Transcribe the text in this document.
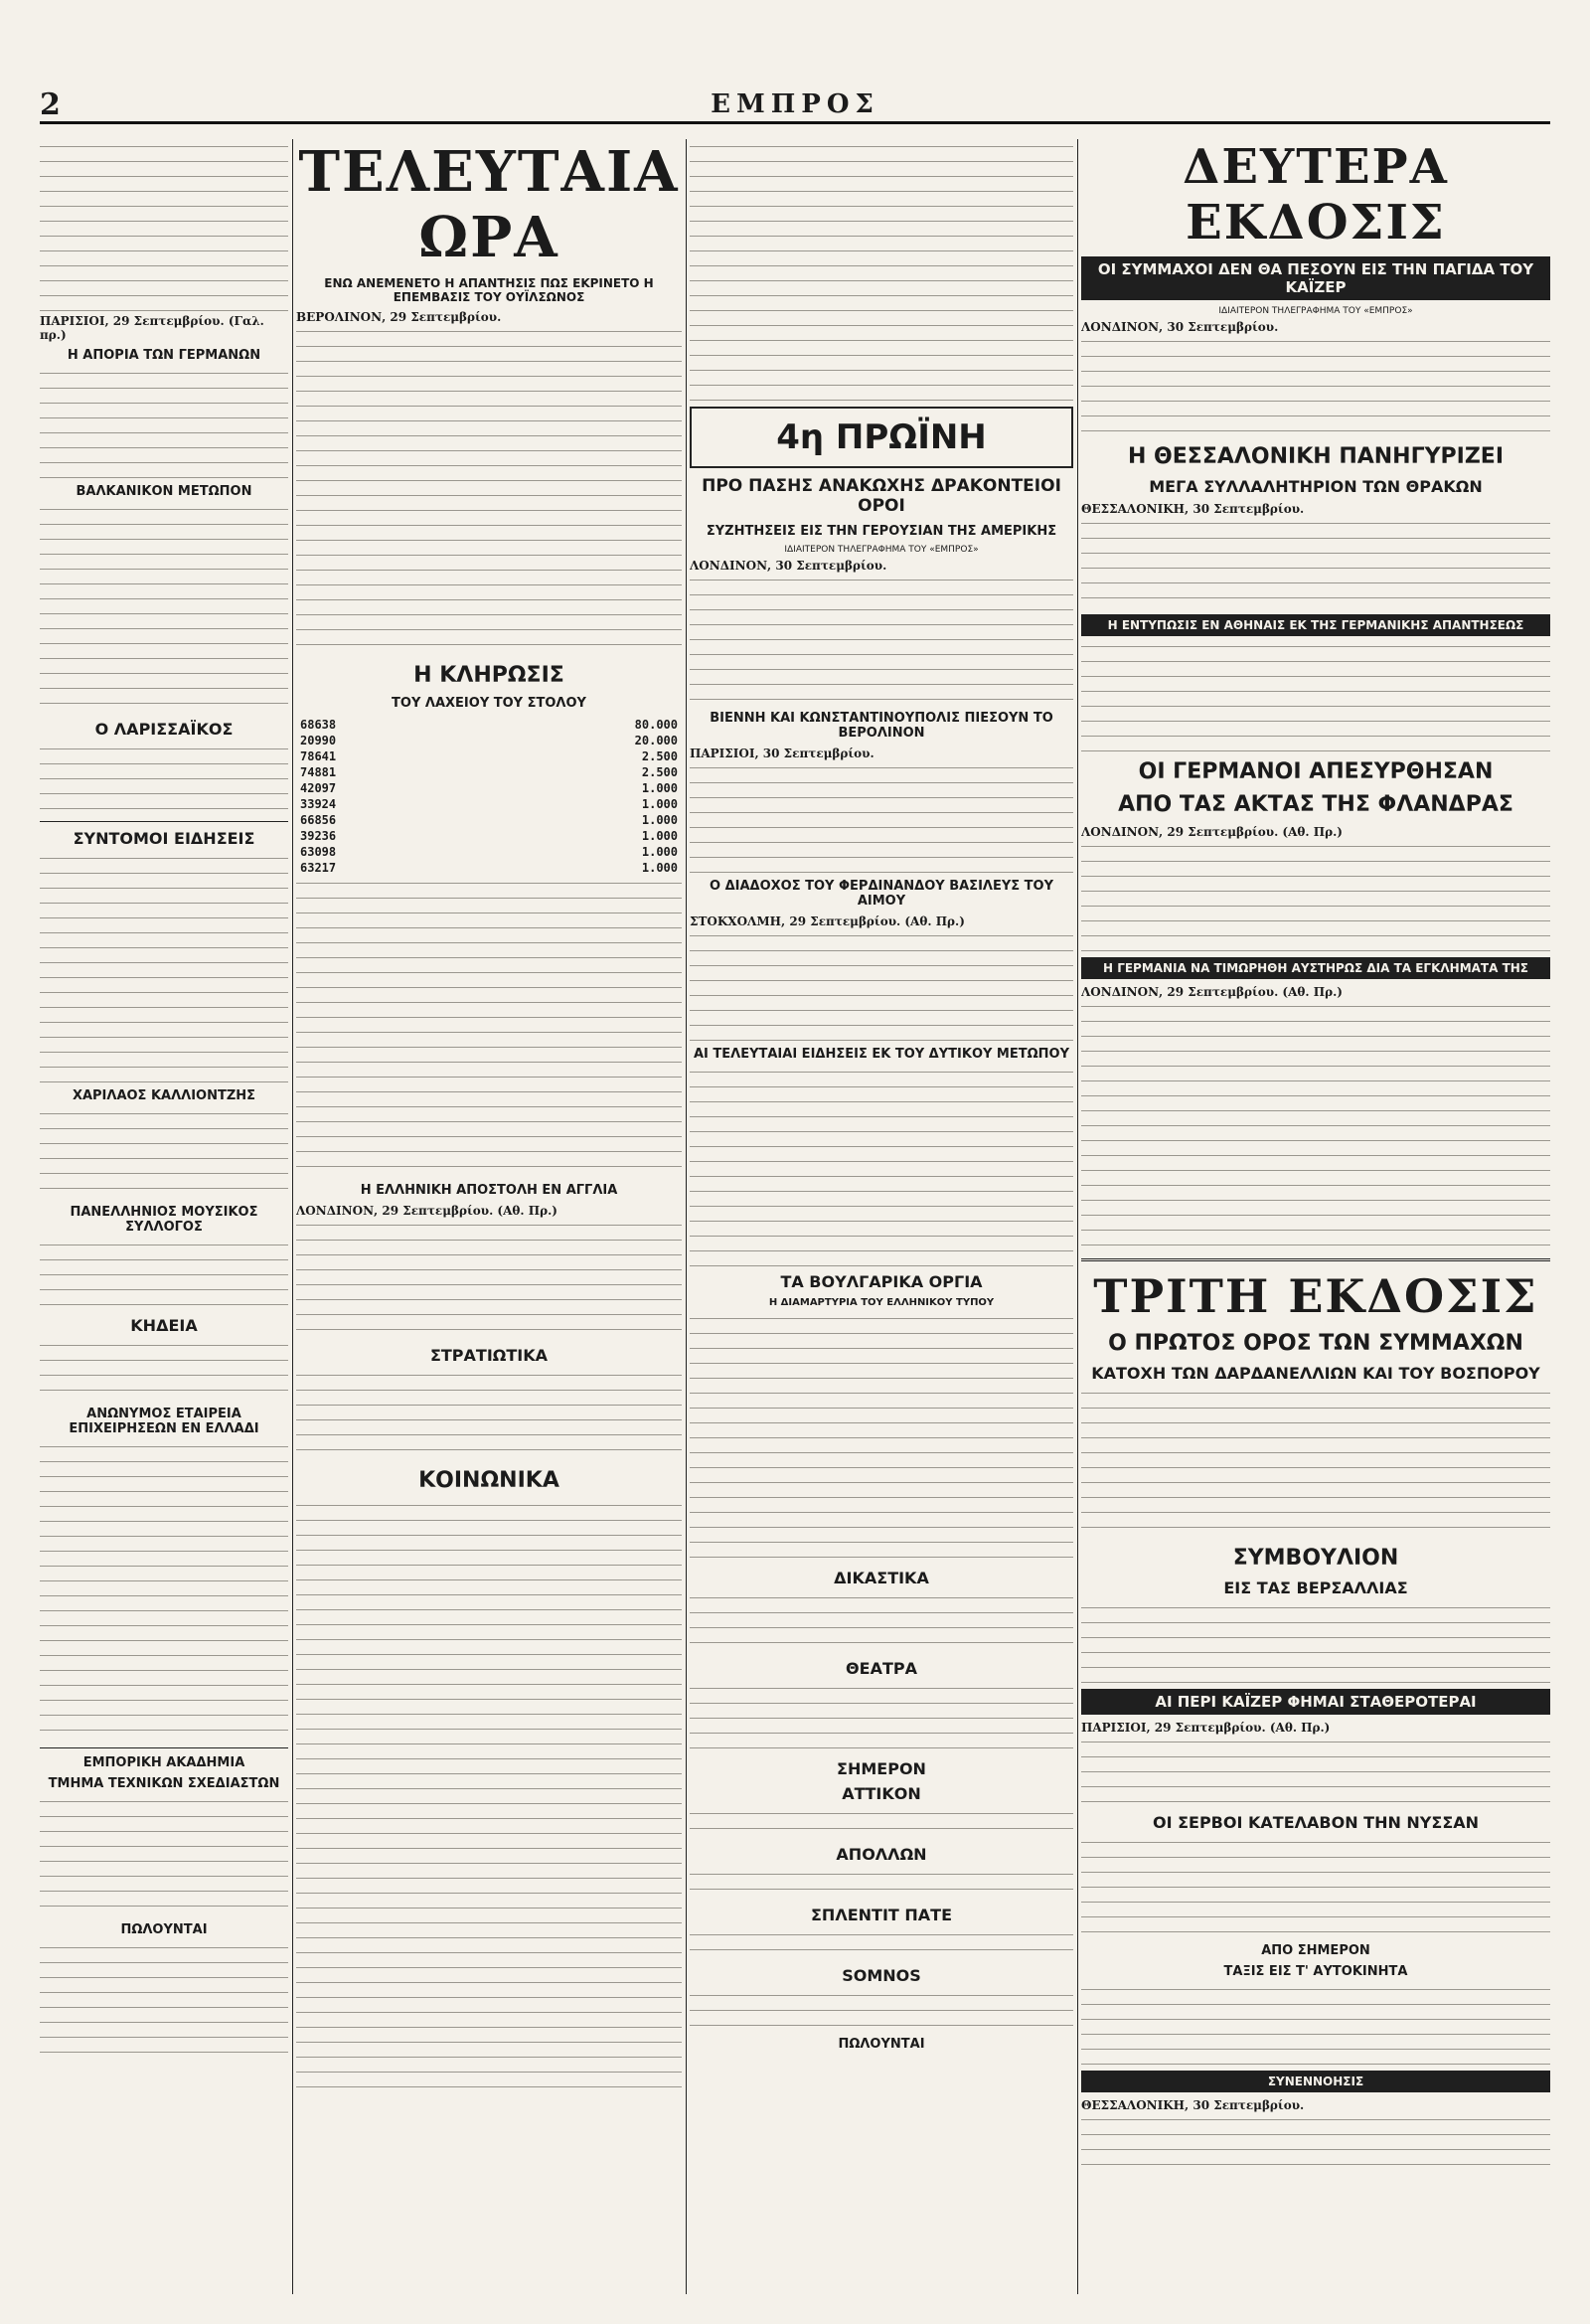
2	ΕΜΠΡΟΣ
ΠΑΡΙΣΙΟΙ, 29 Σεπτεμβρίου. (Γαλ. πρ.)
Η ΑΠΟΡΙΑ ΤΩΝ ΓΕΡΜΑΝΩΝ
ΒΑΛΚΑΝΙΚΟΝ ΜΕΤΩΠΟΝ
Ο ΛΑΡΙΣΣΑΪΚΟΣ
ΣΥΝΤΟΜΟΙ ΕΙΔΗΣΕΙΣ
ΧΑΡΙΛΑΟΣ ΚΑΛΛΙΟΝΤΖΗΣ
ΠΑΝΕΛΛΗΝΙΟΣ ΜΟΥΣΙΚΟΣ ΣΥΛΛΟΓΟΣ
ΚΗΔΕΙΑ
ΑΝΩΝΥΜΟΣ ΕΤΑΙΡΕΙΑ ΕΠΙΧΕΙΡΗΣΕΩΝ ΕΝ ΕΛΛΑΔΙ
ΕΜΠΟΡΙΚΗ ΑΚΑΔΗΜΙΑ
ΤΜΗΜΑ ΤΕΧΝΙΚΩΝ ΣΧΕΔΙΑΣΤΩΝ
ΠΩΛΟΥΝΤΑΙ
ΤΕΛΕΥΤΑΙΑ ΩΡΑ
ΕΝΩ ΑΝΕΜΕΝΕΤΟ Η ΑΠΑΝΤΗΣΙΣ ΠΩΣ ΕΚΡΙΝΕΤΟ Η ΕΠΕΜΒΑΣΙΣ ΤΟΥ ΟΥΪΛΣΩΝΟΣ
ΒΕΡΟΛΙΝΟΝ, 29 Σεπτεμβρίου.
Η ΚΛΗΡΩΣΙΣ
ΤΟΥ ΛΑΧΕΙΟΥ ΤΟΥ ΣΤΟΛΟΥ
68638	80.000
20990	20.000
78641	2.500
74881	2.500
42097	1.000
33924	1.000
66856	1.000
39236	1.000
63098	1.000
63217	1.000
Η ΕΛΛΗΝΙΚΗ ΑΠΟΣΤΟΛΗ ΕΝ ΑΓΓΛΙΑ
ΛΟΝΔΙΝΟΝ, 29 Σεπτεμβρίου. (Αθ. Πρ.)
ΣΤΡΑΤΙΩΤΙΚΑ
ΚΟΙΝΩΝΙΚΑ
4η ΠΡΩΪΝΗ
ΠΡΟ ΠΑΣΗΣ ΑΝΑΚΩΧΗΣ ΔΡΑΚΟΝΤΕΙΟΙ ΟΡΟΙ
ΣΥΖΗΤΗΣΕΙΣ ΕΙΣ ΤΗΝ ΓΕΡΟΥΣΙΑΝ ΤΗΣ ΑΜΕΡΙΚΗΣ
ΙΔΙΑΙΤΕΡΟΝ ΤΗΛΕΓΡΑΦΗΜΑ ΤΟΥ «ΕΜΠΡΟΣ»
ΛΟΝΔΙΝΟΝ, 30 Σεπτεμβρίου.
ΒΙΕΝΝΗ ΚΑΙ ΚΩΝΣΤΑΝΤΙΝΟΥΠΟΛΙΣ ΠΙΕΣΟΥΝ ΤΟ ΒΕΡΟΛΙΝΟΝ
ΠΑΡΙΣΙΟΙ, 30 Σεπτεμβρίου.
Ο ΔΙΑΔΟΧΟΣ ΤΟΥ ΦΕΡΔΙΝΑΝΔΟΥ ΒΑΣΙΛΕΥΣ ΤΟΥ ΑΙΜΟΥ
ΣΤΟΚΧΟΛΜΗ, 29 Σεπτεμβρίου. (Αθ. Πρ.)
ΑΙ ΤΕΛΕΥΤΑΙΑΙ ΕΙΔΗΣΕΙΣ ΕΚ ΤΟΥ ΔΥΤΙΚΟΥ ΜΕΤΩΠΟΥ
ΤΑ ΒΟΥΛΓΑΡΙΚΑ ΟΡΓΙΑ
Η ΔΙΑΜΑΡΤΥΡΙΑ ΤΟΥ ΕΛΛΗΝΙΚΟΥ ΤΥΠΟΥ
ΔΙΚΑΣΤΙΚΑ
ΘΕΑΤΡΑ
ΣΗΜΕΡΟΝ
ΑΤΤΙΚΟΝ
ΑΠΟΛΛΩΝ
ΣΠΛΕΝΤΙΤ ΠΑΤΕ
SOMNOS
ΠΩΛΟΥΝΤΑΙ
ΔΕΥΤΕΡΑ ΕΚΔΟΣΙΣ
ΟΙ ΣΥΜΜΑΧΟΙ ΔΕΝ ΘΑ ΠΕΣΟΥΝ ΕΙΣ ΤΗΝ ΠΑΓΙΔΑ ΤΟΥ ΚΑΪΖΕΡ
ΙΔΙΑΙΤΕΡΟΝ ΤΗΛΕΓΡΑΦΗΜΑ ΤΟΥ «ΕΜΠΡΟΣ»
ΛΟΝΔΙΝΟΝ, 30 Σεπτεμβρίου.
Η ΘΕΣΣΑΛΟΝΙΚΗ ΠΑΝΗΓΥΡΙΖΕΙ
ΜΕΓΑ ΣΥΛΛΑΛΗΤΗΡΙΟΝ ΤΩΝ ΘΡΑΚΩΝ
ΘΕΣΣΑΛΟΝΙΚΗ, 30 Σεπτεμβρίου.
Η ΕΝΤΥΠΩΣΙΣ ΕΝ ΑΘΗΝΑΙΣ ΕΚ ΤΗΣ ΓΕΡΜΑΝΙΚΗΣ ΑΠΑΝΤΗΣΕΩΣ
ΟΙ ΓΕΡΜΑΝΟΙ ΑΠΕΣΥΡΘΗΣΑΝ
ΑΠΟ ΤΑΣ ΑΚΤΑΣ ΤΗΣ ΦΛΑΝΔΡΑΣ
ΛΟΝΔΙΝΟΝ, 29 Σεπτεμβρίου. (Αθ. Πρ.)
Η ΓΕΡΜΑΝΙΑ ΝΑ ΤΙΜΩΡΗΘΗ ΑΥΣΤΗΡΩΣ ΔΙΑ ΤΑ ΕΓΚΛΗΜΑΤΑ ΤΗΣ
ΛΟΝΔΙΝΟΝ, 29 Σεπτεμβρίου. (Αθ. Πρ.)
ΤΡΙΤΗ ΕΚΔΟΣΙΣ
Ο ΠΡΩΤΟΣ ΟΡΟΣ ΤΩΝ ΣΥΜΜΑΧΩΝ
ΚΑΤΟΧΗ ΤΩΝ ΔΑΡΔΑΝΕΛΛΙΩΝ ΚΑΙ ΤΟΥ ΒΟΣΠΟΡΟΥ
ΣΥΜΒΟΥΛΙΟΝ
ΕΙΣ ΤΑΣ ΒΕΡΣΑΛΛΙΑΣ
ΑΙ ΠΕΡΙ ΚΑΪΖΕΡ ΦΗΜΑΙ ΣΤΑΘΕΡΟΤΕΡΑΙ
ΠΑΡΙΣΙΟΙ, 29 Σεπτεμβρίου. (Αθ. Πρ.)
ΟΙ ΣΕΡΒΟΙ ΚΑΤΕΛΑΒΟΝ ΤΗΝ ΝΥΣΣΑΝ
ΑΠΟ ΣΗΜΕΡΟΝ
ΤΑΞΙΣ ΕΙΣ Τ' ΑΥΤΟΚΙΝΗΤΑ
ΣΥΝΕΝΝΟΗΣΙΣ
ΘΕΣΣΑΛΟΝΙΚΗ, 30 Σεπτεμβρίου.
